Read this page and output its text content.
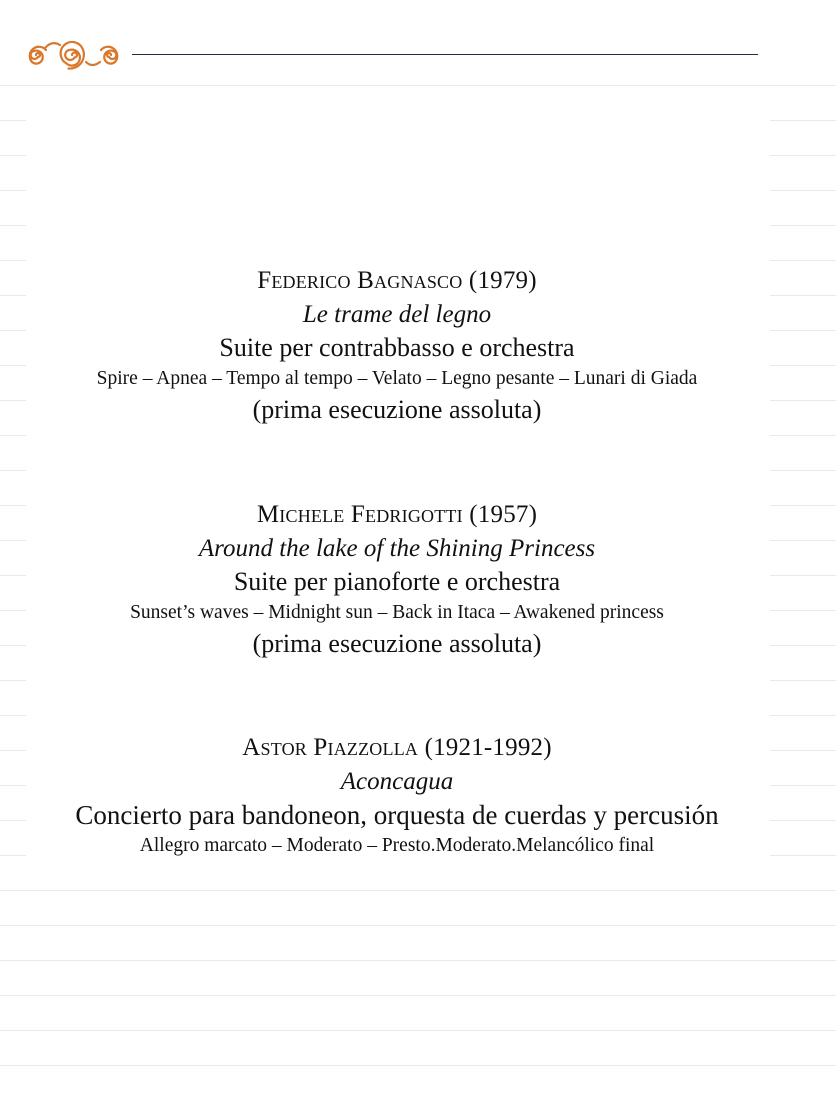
Federico Bagnasco (1979)
Le trame del legno
Suite per contrabbasso e orchestra
Spire – Apnea – Tempo al tempo – Velato – Legno pesante – Lunari di Giada
(prima esecuzione assoluta)
Michele Fedrigotti (1957)
Around the lake of the Shining Princess
Suite per pianoforte e orchestra
Sunset’s waves – Midnight sun – Back in Itaca – Awakened princess
(prima esecuzione assoluta)
Astor Piazzolla (1921-1992)
Aconcagua
Concierto para bandoneon, orquesta de cuerdas y percusión
Allegro marcato – Moderato – Presto.Moderato.Melancólico final
